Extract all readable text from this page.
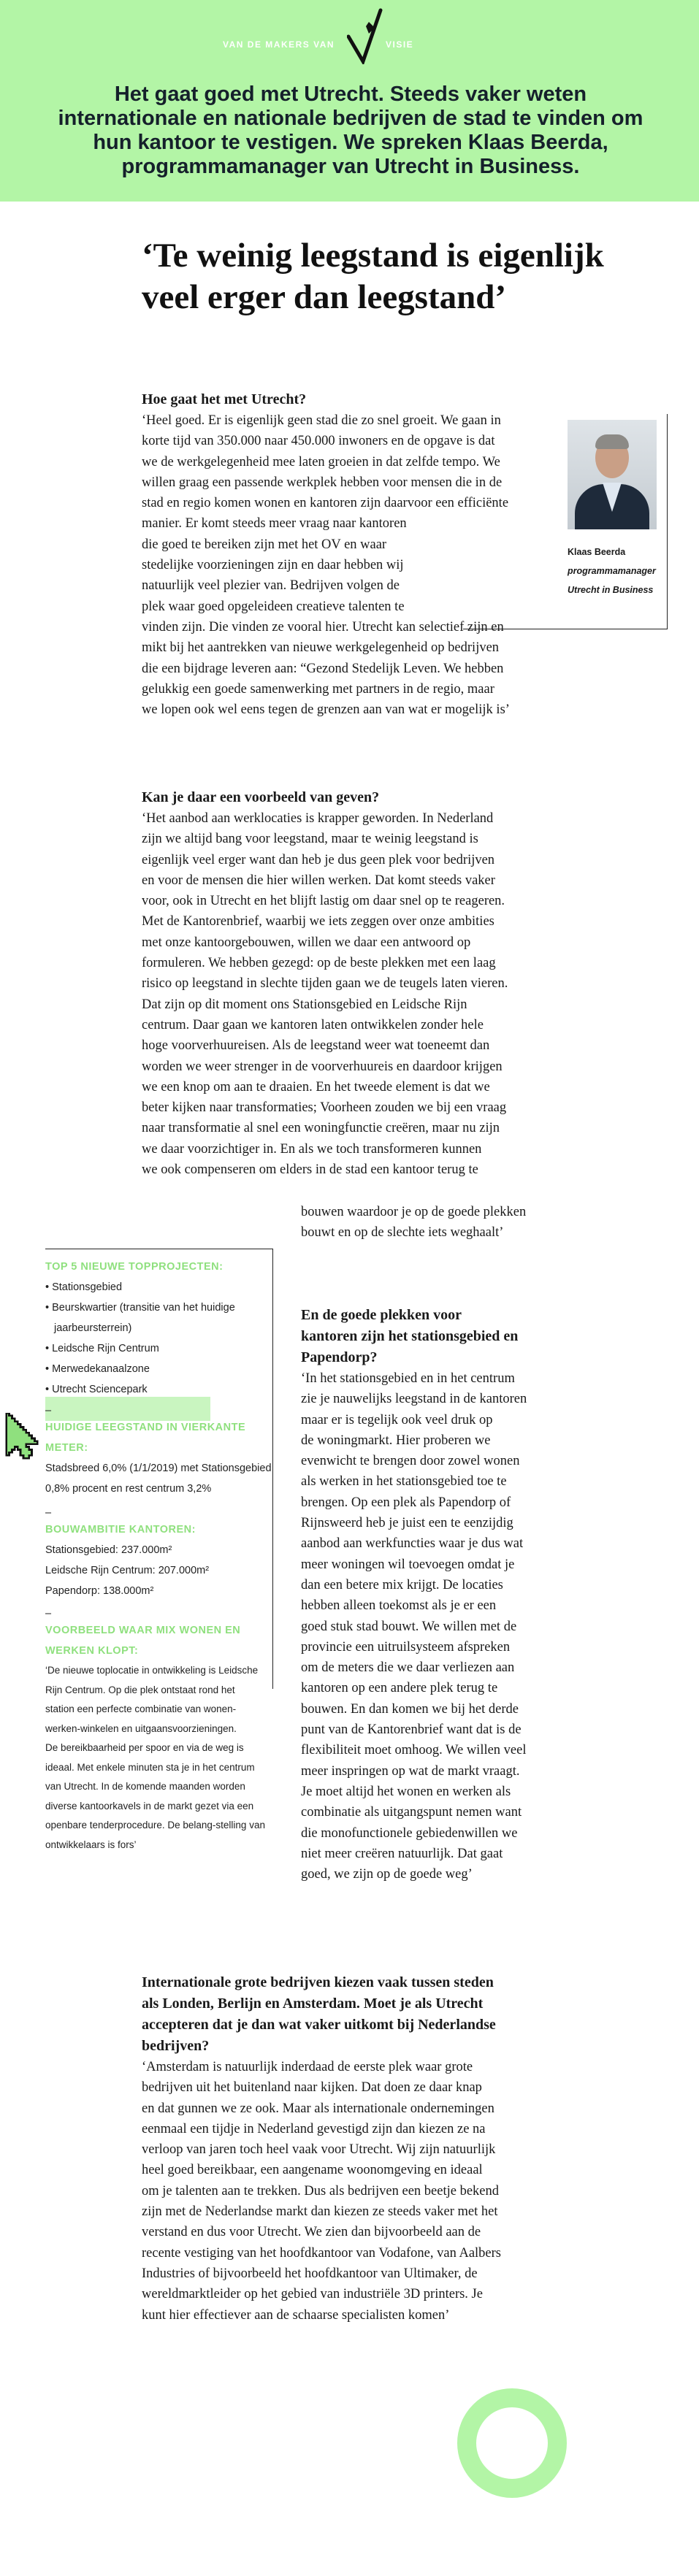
VAN DE MAKERS VAN	VISIE
Het gaat goed met Utrecht. Steeds vaker weten internationale en nationale bedrijven de stad te vinden om hun kantoor te vestigen. We spreken Klaas Beerda, programmamanager van Utrecht in Business.
‘Te weinig leegstand is eigenlijk veel erger dan leegstand’
Hoe gaat het met Utrecht?
‘Heel goed. Er is eigenlijk geen stad die zo snel groeit. We gaan in
korte tijd van 350.000 naar 450.000 inwoners en de opgave is dat
we de werkgelegenheid mee laten groeien in dat zelfde tempo. We
willen graag een passende werkplek hebben voor mensen die in de
stad en regio komen wonen en kantoren zijn daarvoor een efficiënte
manier. Er komt steeds meer vraag naar kantoren
die goed te bereiken zijn met het OV en waar
stedelijke voorzieningen zijn en daar hebben wij
natuurlijk veel plezier van. Bedrijven volgen de
plek waar goed opgeleideen creatieve talenten te
vinden zijn. Die vinden ze vooral hier. Utrecht kan selectief zijn en
mikt bij het aantrekken van nieuwe werkgelegenheid op bedrijven
die een bijdrage leveren aan: “Gezond Stedelijk Leven. We hebben
gelukkig een goede samenwerking met partners in de regio, maar
we lopen ook wel eens tegen de grenzen aan van wat er mogelijk is’
Klaas Beerda
programmamanager Utrecht in Business
Kan je daar een voorbeeld van geven?
‘Het aanbod aan werklocaties is krapper geworden. In Nederland
zijn we altijd bang voor leegstand, maar te weinig leegstand is
eigenlijk veel erger want dan heb je dus geen plek voor bedrijven
en voor de mensen die hier willen werken. Dat komt steeds vaker
voor, ook in Utrecht en het blijft lastig om daar snel op te reageren.
Met de Kantorenbrief, waarbij we iets zeggen over onze ambities
met onze kantoorgebouwen, willen we daar een antwoord op
formuleren. We hebben gezegd: op de beste plekken met een laag
risico op leegstand in slechte tijden gaan we de teugels laten vieren.
Dat zijn op dit moment ons Stationsgebied en Leidsche Rijn
centrum. Daar gaan we kantoren laten ontwikkelen zonder hele
hoge voorverhuureisen. Als de leegstand weer wat toeneemt dan
worden we weer strenger in de voorverhuureis en daardoor krijgen
we een knop om aan te draaien. En het tweede element is dat we
beter kijken naar transformaties; Voorheen zouden we bij een vraag
naar transformatie al snel een woningfunctie creëren, maar nu zijn
we daar voorzichtiger in. En als we toch transformeren kunnen
we ook compenseren om elders in de stad een kantoor terug te
bouwen waardoor je op de goede plekken
bouwt en op de slechte iets weghaalt’
TOP 5 NIEUWE TOPPROJECTEN:
• Stationsgebied
• Beurskwartier (transitie van het huidige
jaarbeursterrein)
• Leidsche Rijn Centrum
• Merwedekanaalzone
• Utrecht Sciencepark
–
HUIDIGE LEEGSTAND IN VIERKANTE METER:
Stadsbreed 6,0% (1/1/2019) met Stationsgebied
0,8% procent en rest centrum 3,2%
–
BOUWAMBITIE KANTOREN:
Stationsgebied: 237.000m²
Leidsche Rijn Centrum: 207.000m²
Papendorp: 138.000m²
–
VOORBEELD WAAR MIX WONEN EN
WERKEN KLOPT:
‘De nieuwe toplocatie in ontwikkeling is Leidsche
Rijn Centrum. Op die plek ontstaat rond het
station een perfecte combinatie van wonen-
werken-winkelen en uitgaansvoorzieningen.
De bereikbaarheid per spoor en via de weg is
ideaal. Met enkele minuten sta je in het centrum
van Utrecht. In de komende maanden worden
diverse kantoorkavels in de markt gezet via een
openbare tenderprocedure. De belang-stelling van
ontwikkelaars is fors’
En de goede plekken voor
kantoren zijn het stationsgebied en
Papendorp?
‘In het stationsgebied en in het centrum
zie je nauwelijks leegstand in de kantoren
maar er is tegelijk ook veel druk op
de woningmarkt. Hier proberen we
evenwicht te brengen door zowel wonen
als werken in het stationsgebied toe te
brengen. Op een plek als Papendorp of
Rijnsweerd heb je juist een te eenzijdig
aanbod aan werkfuncties waar je dus wat
meer woningen wil toevoegen omdat je
dan een betere mix krijgt. De locaties
hebben alleen toekomst als je er een
goed stuk stad bouwt. We willen met de
provincie een uitruilsysteem afspreken
om de meters die we daar verliezen aan
kantoren op een andere plek terug te
bouwen. En dan komen we bij het derde
punt van de Kantorenbrief want dat is de
flexibiliteit moet omhoog. We willen veel
meer inspringen op wat de markt vraagt.
Je moet altijd het wonen en werken als
combinatie als uitgangspunt nemen want
die monofunctionele gebiedenwillen we
niet meer creëren natuurlijk. Dat gaat
goed, we zijn op de goede weg’
Internationale grote bedrijven kiezen vaak tussen steden
als Londen, Berlijn en Amsterdam. Moet je als Utrecht
accepteren dat je dan wat vaker uitkomt bij Nederlandse
bedrijven?
‘Amsterdam is natuurlijk inderdaad de eerste plek waar grote
bedrijven uit het buitenland naar kijken. Dat doen ze daar knap
en dat gunnen we ze ook. Maar als internationale ondernemingen
eenmaal een tijdje in Nederland gevestigd zijn dan kiezen ze na
verloop van jaren toch heel vaak voor Utrecht. Wij zijn natuurlijk
heel goed bereikbaar, een aangename woonomgeving en ideaal
om je talenten aan te trekken. Dus als bedrijven een beetje bekend
zijn met de Nederlandse markt dan kiezen ze steeds vaker met het
verstand en dus voor Utrecht. We zien dan bijvoorbeeld aan de
recente vestiging van het hoofdkantoor van Vodafone, van Aalbers
Industries of bijvoorbeeld het hoofdkantoor van Ultimaker, de
wereldmarktleider op het gebied van industriële 3D printers. Je
kunt hier effectiever aan de schaarse specialisten komen’
